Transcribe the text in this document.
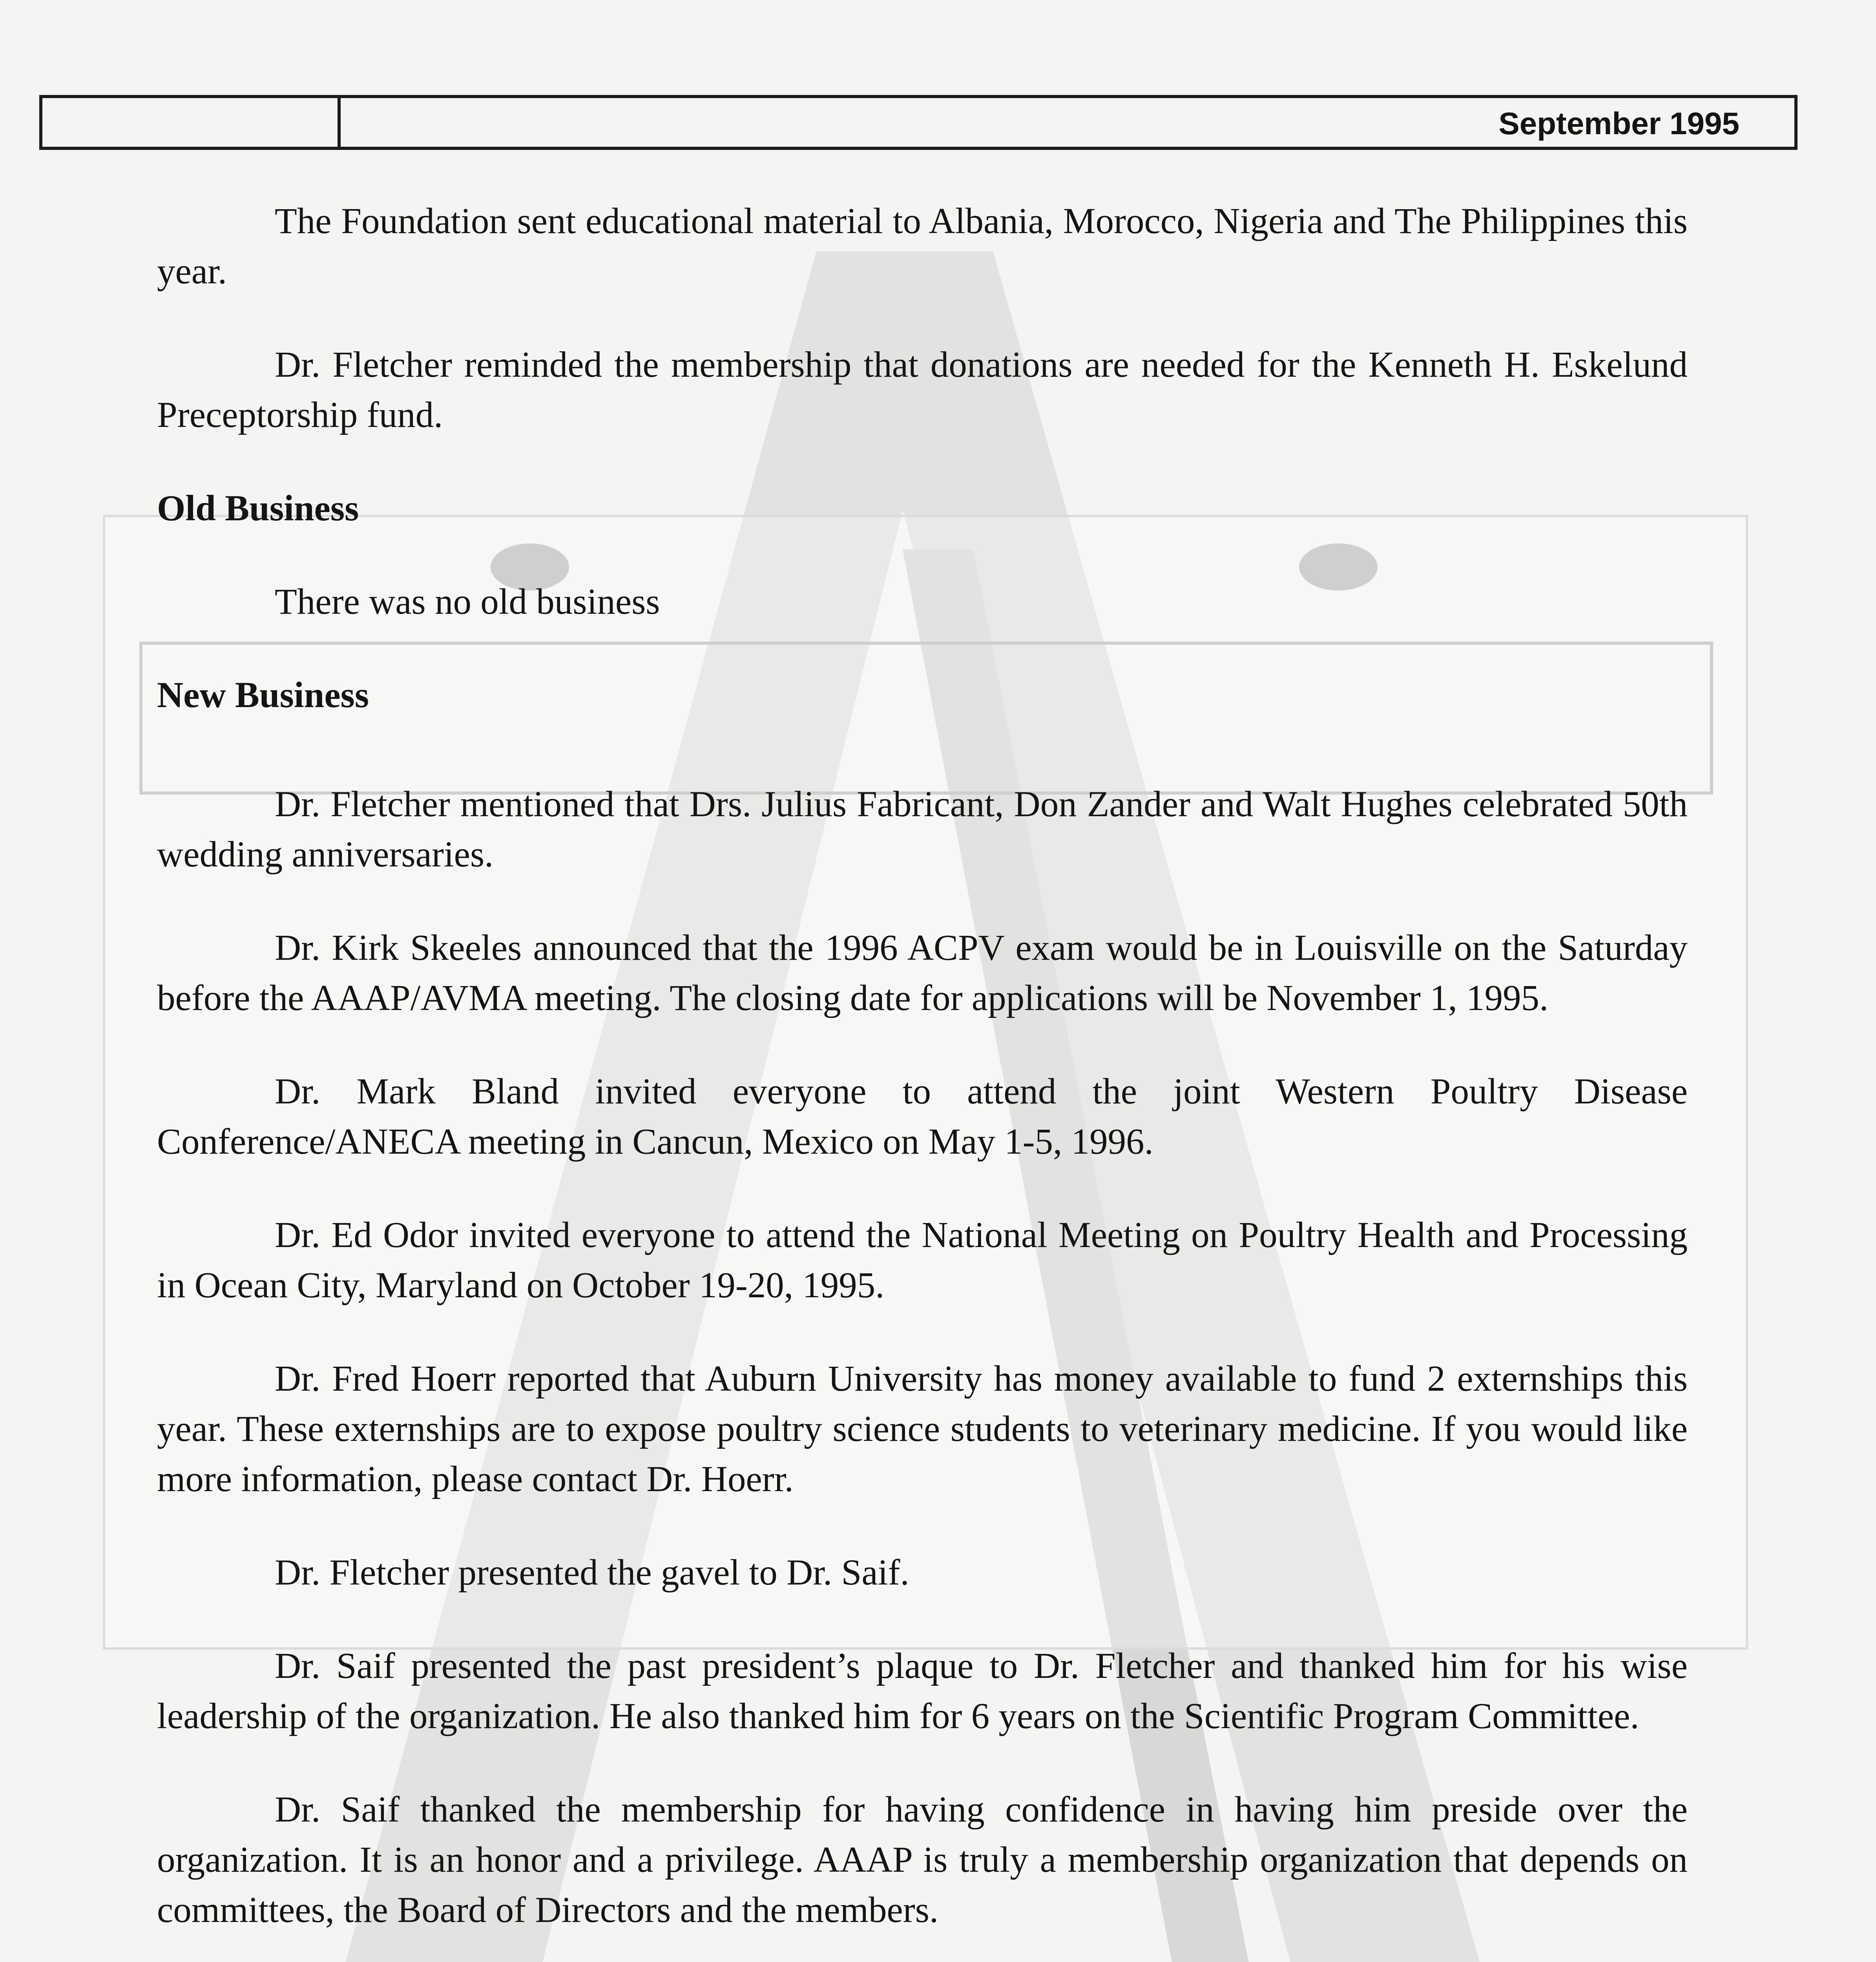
September 1995

The Foundation sent educational material to Albania, Morocco, Nigeria and The Philippines this year.

Dr. Fletcher reminded the membership that donations are needed for the Kenneth H. Eskelund Preceptorship fund.

Old Business

There was no old business

New Business

Dr. Fletcher mentioned that Drs. Julius Fabricant, Don Zander and Walt Hughes celebrated 50th wedding anniversaries.

Dr. Kirk Skeeles announced that the 1996 ACPV exam would be in Louisville on the Saturday before the AAAP/AVMA meeting. The closing date for applications will be November 1, 1995.

Dr. Mark Bland invited everyone to attend the joint Western Poultry Disease Conference/ANECA meeting in Cancun, Mexico on May 1-5, 1996.

Dr. Ed Odor invited everyone to attend the National Meeting on Poultry Health and Processing in Ocean City, Maryland on October 19-20, 1995.

Dr. Fred Hoerr reported that Auburn University has money available to fund 2 externships this year. These externships are to expose poultry science students to veterinary medicine. If you would like more information, please contact Dr. Hoerr.

Dr. Fletcher presented the gavel to Dr. Saif.

Dr. Saif presented the past president’s plaque to Dr. Fletcher and thanked him for his wise leadership of the organization. He also thanked him for 6 years on the Scientific Program Committee.

Dr. Saif thanked the membership for having confidence in having him preside over the organization. It is an honor and a privilege. AAAP is truly a membership organization that depends on committees, the Board of Directors and the members.
